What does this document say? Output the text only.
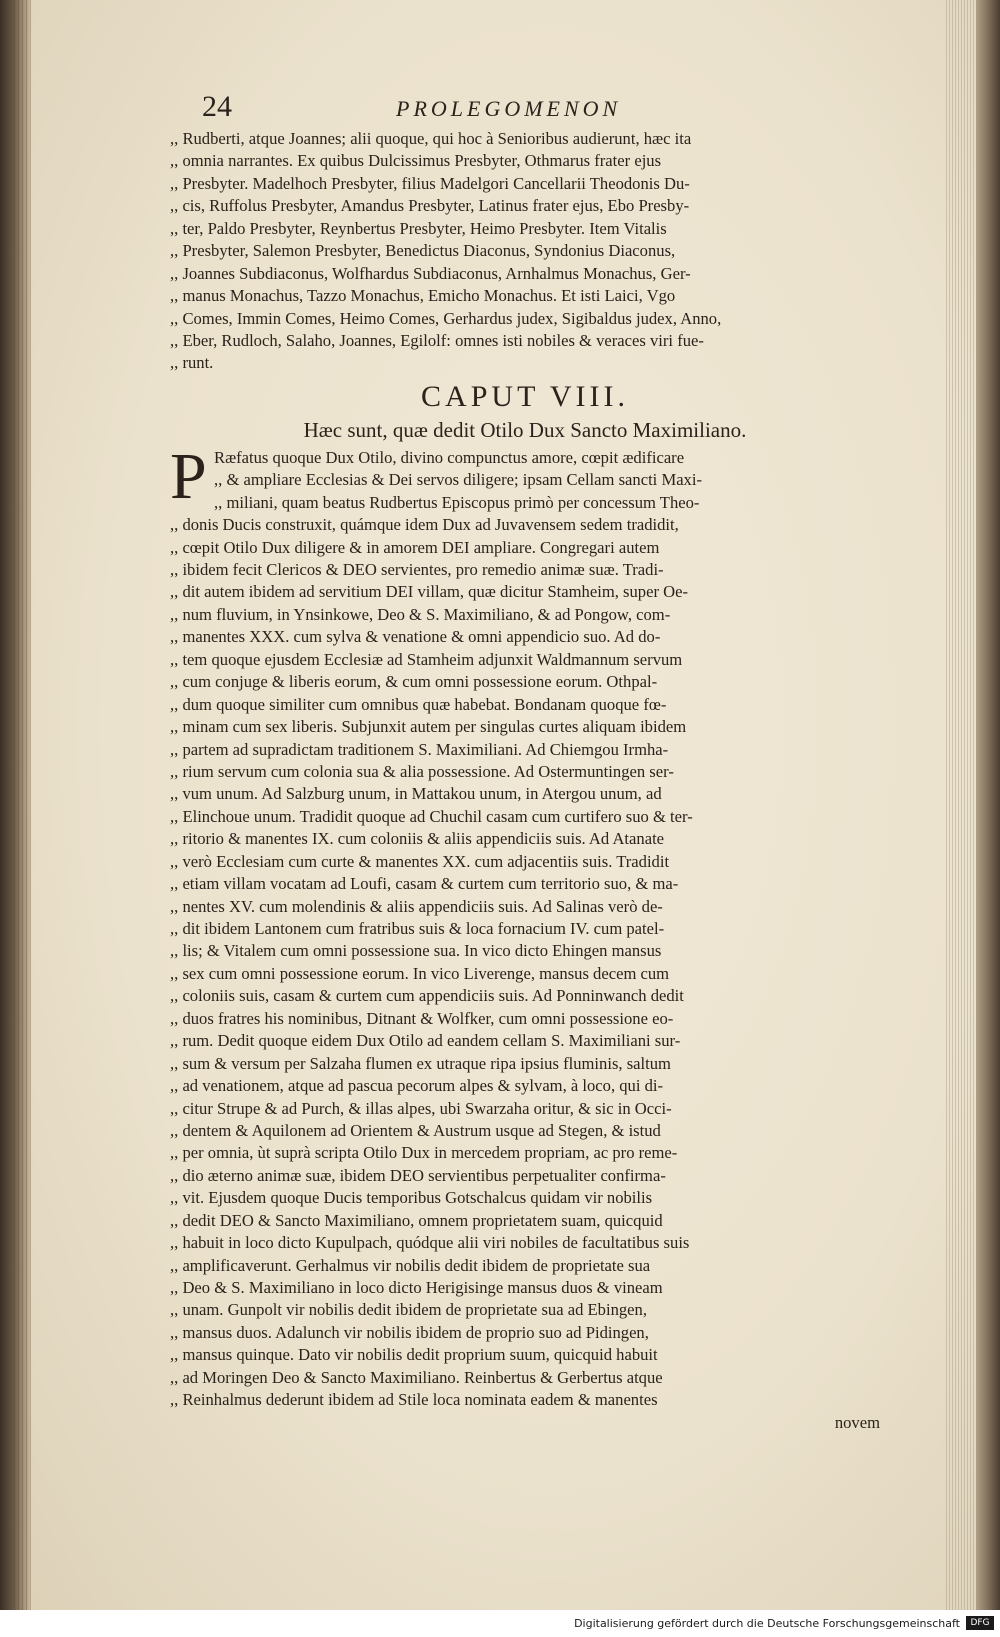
24	PROLEGOMENON
,, Rudberti, atque Joannes; alii quoque, qui hoc à Senioribus audierunt, hæc ita
,, omnia narrantes. Ex quibus Dulcissimus Presbyter, Othmarus frater ejus
,, Presbyter. Madelhoch Presbyter, filius Madelgori Cancellarii Theodonis Du-
,, cis, Ruffolus Presbyter, Amandus Presbyter, Latinus frater ejus, Ebo Presby-
,, ter, Paldo Presbyter, Reynbertus Presbyter, Heimo Presbyter. Item Vitalis
,, Presbyter, Salemon Presbyter, Benedictus Diaconus, Syndonius Diaconus,
,, Joannes Subdiaconus, Wolfhardus Subdiaconus, Arnhalmus Monachus, Ger-
,, manus Monachus, Tazzo Monachus, Emicho Monachus. Et isti Laici, Vgo
,, Comes, Immin Comes, Heimo Comes, Gerhardus judex, Sigibaldus judex, Anno,
,, Eber, Rudloch, Salaho, Joannes, Egilolf: omnes isti nobiles & veraces viri fue-
,, runt.
CAPUT VIII.
Hæc sunt, quæ dedit Otilo Dux Sancto Maximiliano.
P Ræfatus quoque Dux Otilo, divino compunctus amore, cœpit ædificare
,, & ampliare Ecclesias & Dei servos diligere; ipsam Cellam sancti Maxi-
,, miliani, quam beatus Rudbertus Episcopus primò per concessum Theo-
,, donis Ducis construxit, quámque idem Dux ad Juvavensem sedem tradidit,
,, cœpit Otilo Dux diligere & in amorem DEI ampliare. Congregari autem
,, ibidem fecit Clericos & DEO servientes, pro remedio animæ suæ. Tradi-
,, dit autem ibidem ad servitium DEI villam, quæ dicitur Stamheim, super Oe-
,, num fluvium, in Ynsinkowe, Deo & S. Maximiliano, & ad Pongow, com-
,, manentes XXX. cum sylva & venatione & omni appendicio suo. Ad do-
,, tem quoque ejusdem Ecclesiæ ad Stamheim adjunxit Waldmannum servum
,, cum conjuge & liberis eorum, & cum omni possessione eorum. Othpal-
,, dum quoque similiter cum omnibus quæ habebat. Bondanam quoque fœ-
,, minam cum sex liberis. Subjunxit autem per singulas curtes aliquam ibidem
,, partem ad supradictam traditionem S. Maximiliani. Ad Chiemgou Irmha-
,, rium servum cum colonia sua & alia possessione. Ad Ostermuntingen ser-
,, vum unum. Ad Salzburg unum, in Mattakou unum, in Atergou unum, ad
,, Elinchoue unum. Tradidit quoque ad Chuchil casam cum curtifero suo & ter-
,, ritorio & manentes IX. cum coloniis & aliis appendiciis suis. Ad Atanate
,, verò Ecclesiam cum curte & manentes XX. cum adjacentiis suis. Tradidit
,, etiam villam vocatam ad Loufi, casam & curtem cum territorio suo, & ma-
,, nentes XV. cum molendinis & aliis appendiciis suis. Ad Salinas verò de-
,, dit ibidem Lantonem cum fratribus suis & loca fornacium IV. cum patel-
,, lis; & Vitalem cum omni possessione sua. In vico dicto Ehingen mansus
,, sex cum omni possessione eorum. In vico Liverenge, mansus decem cum
,, coloniis suis, casam & curtem cum appendiciis suis. Ad Ponninwanch dedit
,, duos fratres his nominibus, Ditnant & Wolfker, cum omni possessione eo-
,, rum. Dedit quoque eidem Dux Otilo ad eandem cellam S. Maximiliani sur-
,, sum & versum per Salzaha flumen ex utraque ripa ipsius fluminis, saltum
,, ad venationem, atque ad pascua pecorum alpes & sylvam, à loco, qui di-
,, citur Strupe & ad Purch, & illas alpes, ubi Swarzaha oritur, & sic in Occi-
,, dentem & Aquilonem ad Orientem & Austrum usque ad Stegen, & istud
,, per omnia, ùt suprà scripta Otilo Dux in mercedem propriam, ac pro reme-
,, dio æterno animæ suæ, ibidem DEO servientibus perpetualiter confirma-
,, vit. Ejusdem quoque Ducis temporibus Gotschalcus quidam vir nobilis
,, dedit DEO & Sancto Maximiliano, omnem proprietatem suam, quicquid
,, habuit in loco dicto Kupulpach, quódque alii viri nobiles de facultatibus suis
,, amplificaverunt. Gerhalmus vir nobilis dedit ibidem de proprietate sua
,, Deo & S. Maximiliano in loco dicto Herigisinge mansus duos & vineam
,, unam. Gunpolt vir nobilis dedit ibidem de proprietate sua ad Ebingen,
,, mansus duos. Adalunch vir nobilis ibidem de proprio suo ad Pidingen,
,, mansus quinque. Dato vir nobilis dedit proprium suum, quicquid habuit
,, ad Moringen Deo & Sancto Maximiliano. Reinbertus & Gerbertus atque
,, Reinhalmus dederunt ibidem ad Stile loca nominata eadem & manentes
novem
Digitalisierung gefördert durch die Deutsche Forschungsgemeinschaft	DFG
